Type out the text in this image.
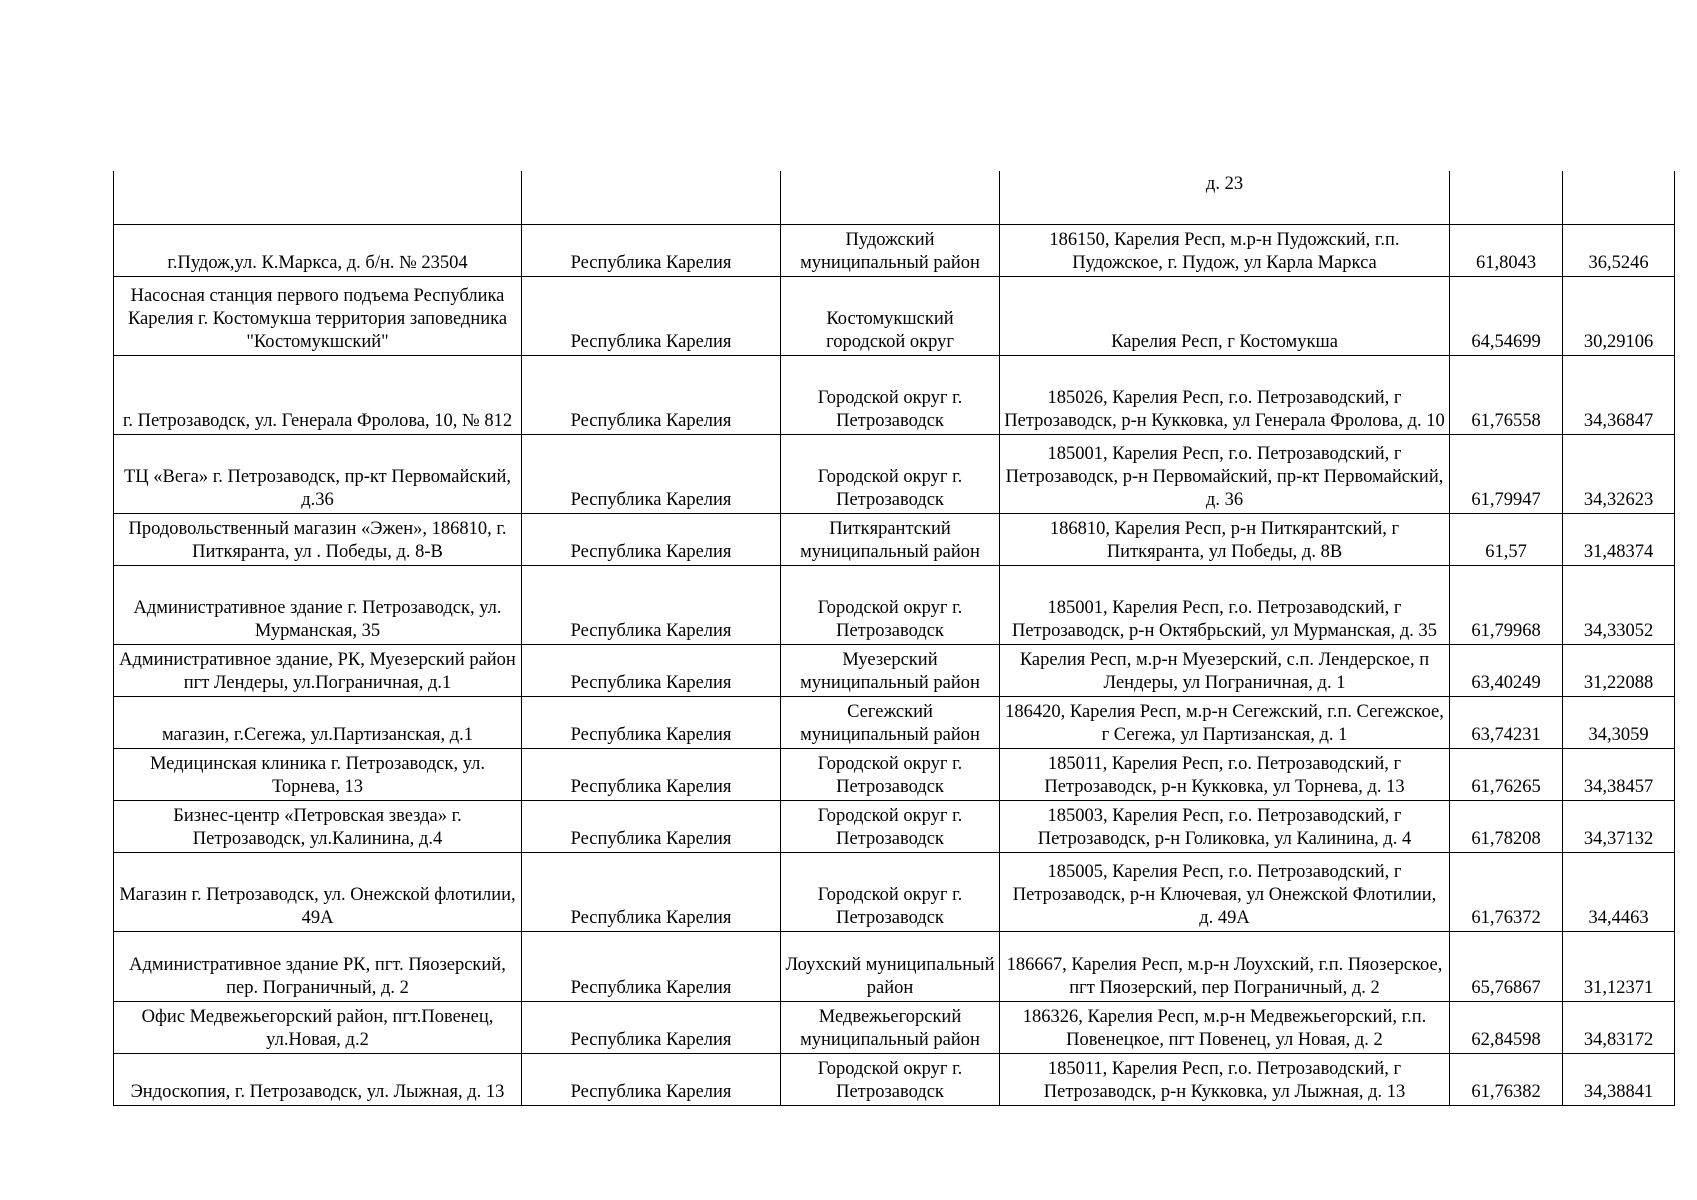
			д. 23		
г.Пудож,ул. К.Маркса, д. б/н. № 23504	Республика Карелия	Пудожский муниципальный район	186150, Карелия Респ, м.р-н Пудожский, г.п. Пудожское, г. Пудож, ул Карла Маркса	61,8043	36,5246
Насосная станция первого подъема Республика Карелия г. Костомукша территория заповедника "Костомукшский"	Республика Карелия	Костомукшский городской округ	Карелия Респ, г Костомукша	64,54699	30,29106
г. Петрозаводск, ул. Генерала Фролова, 10, № 812	Республика Карелия	Городской округ г. Петрозаводск	185026, Карелия Респ, г.о. Петрозаводский, г Петрозаводск, р-н Кукковка, ул Генерала Фролова, д. 10	61,76558	34,36847
ТЦ «Вега» г. Петрозаводск, пр-кт Первомайский, д.36	Республика Карелия	Городской округ г. Петрозаводск	185001, Карелия Респ, г.о. Петрозаводский, г Петрозаводск, р-н Первомайский, пр-кт Первомайский, д. 36	61,79947	34,32623
Продовольственный магазин «Эжен», 186810, г. Питкяранта, ул . Победы, д. 8-В	Республика Карелия	Питкярантский муниципальный район	186810, Карелия Респ, р-н Питкярантский, г Питкяранта, ул Победы, д. 8В	61,57	31,48374
Административное здание г. Петрозаводск, ул. Мурманская, 35	Республика Карелия	Городской округ г. Петрозаводск	185001, Карелия Респ, г.о. Петрозаводский, г Петрозаводск, р-н Октябрьский, ул Мурманская, д. 35	61,79968	34,33052
Административное здание, РК, Муезерский район пгт Лендеры, ул.Пограничная, д.1	Республика Карелия	Муезерский муниципальный район	Карелия Респ, м.р-н Муезерский, с.п. Лендерское, п Лендеры, ул Пограничная, д. 1	63,40249	31,22088
магазин, г.Сегежа, ул.Партизанская, д.1	Республика Карелия	Сегежский муниципальный район	186420, Карелия Респ, м.р-н Сегежский, г.п. Сегежское, г Сегежа, ул Партизанская, д. 1	63,74231	34,3059
Медицинская клиника г. Петрозаводск, ул. Торнева, 13	Республика Карелия	Городской округ г. Петрозаводск	185011, Карелия Респ, г.о. Петрозаводский, г Петрозаводск, р-н Кукковка, ул Торнева, д. 13	61,76265	34,38457
Бизнес-центр «Петровская звезда» г. Петрозаводск, ул.Калинина, д.4	Республика Карелия	Городской округ г. Петрозаводск	185003, Карелия Респ, г.о. Петрозаводский, г Петрозаводск, р-н Голиковка, ул Калинина, д. 4	61,78208	34,37132
Магазин г. Петрозаводск, ул. Онежской флотилии, 49А	Республика Карелия	Городской округ г. Петрозаводск	185005, Карелия Респ, г.о. Петрозаводский, г Петрозаводск, р-н Ключевая, ул Онежской Флотилии, д. 49А	61,76372	34,4463
Административное здание РК, пгт. Пяозерский, пер. Пограничный, д. 2	Республика Карелия	Лоухский муниципальный район	186667, Карелия Респ, м.р-н Лоухский, г.п. Пяозерское, пгт Пяозерский, пер Пограничный, д. 2	65,76867	31,12371
Офис Медвежьегорский район, пгт.Повенец, ул.Новая, д.2	Республика Карелия	Медвежьегорский муниципальный район	186326, Карелия Респ, м.р-н Медвежьегорский, г.п. Повенецкое, пгт Повенец, ул Новая, д. 2	62,84598	34,83172
Эндоскопия, г. Петрозаводск, ул. Лыжная, д. 13	Республика Карелия	Городской округ г. Петрозаводск	185011, Карелия Респ, г.о. Петрозаводский, г Петрозаводск, р-н Кукковка, ул Лыжная, д. 13	61,76382	34,38841
